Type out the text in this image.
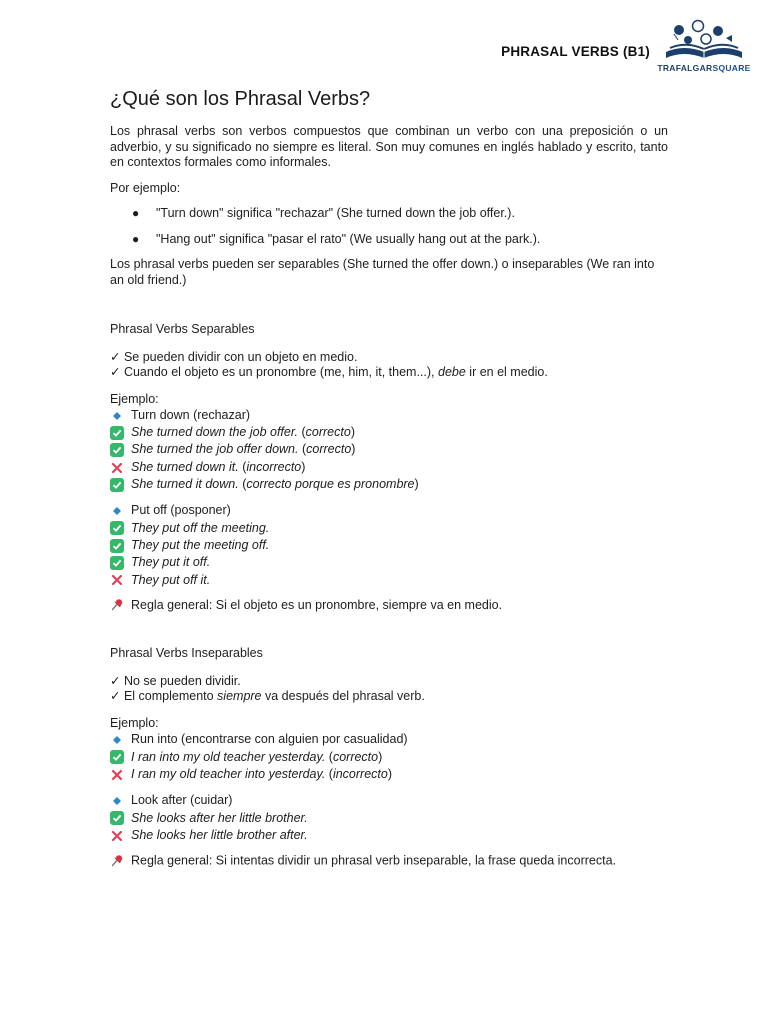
PHRASAL VERBS (B1)
TRAFALGARSQUARE
¿Qué son los Phrasal Verbs?

Los phrasal verbs son verbos compuestos que combinan un verbo con una preposición o un adverbio, y su significado no siempre es literal. Son muy comunes en inglés hablado y escrito, tanto en contextos formales como informales.

Por ejemplo:

● "Turn down" significa "rechazar" (She turned down the job offer.).
● "Hang out" significa "pasar el rato" (We usually hang out at the park.).

Los phrasal verbs pueden ser separables (She turned the offer down.) o inseparables (We ran into an old friend.)

Phrasal Verbs Separables

✓ Se pueden dividir con un objeto en medio.
✓ Cuando el objeto es un pronombre (me, him, it, them...), debe ir en el medio.
Ejemplo:
Turn down (rechazar)
She turned down the job offer. ( correcto )
She turned the job offer down. ( correcto )
She turned down it. ( incorrecto )
She turned it down. ( correcto porque es pronombre )
Put off (posponer)
They put off the meeting.
They put the meeting off.
They put it off.
They put off it.
Regla general: Si el objeto es un pronombre, siempre va en medio.

Phrasal Verbs Inseparables

✓ No se pueden dividir.
✓ El complemento siempre va después del phrasal verb.
Ejemplo:
Run into (encontrarse con alguien por casualidad)
I ran into my old teacher yesterday. ( correcto )
I ran my old teacher into yesterday. ( incorrecto )
Look after (cuidar)
She looks after her little brother.
She looks her little brother after.
Regla general: Si intentas dividir un phrasal verb inseparable, la frase queda incorrecta.
